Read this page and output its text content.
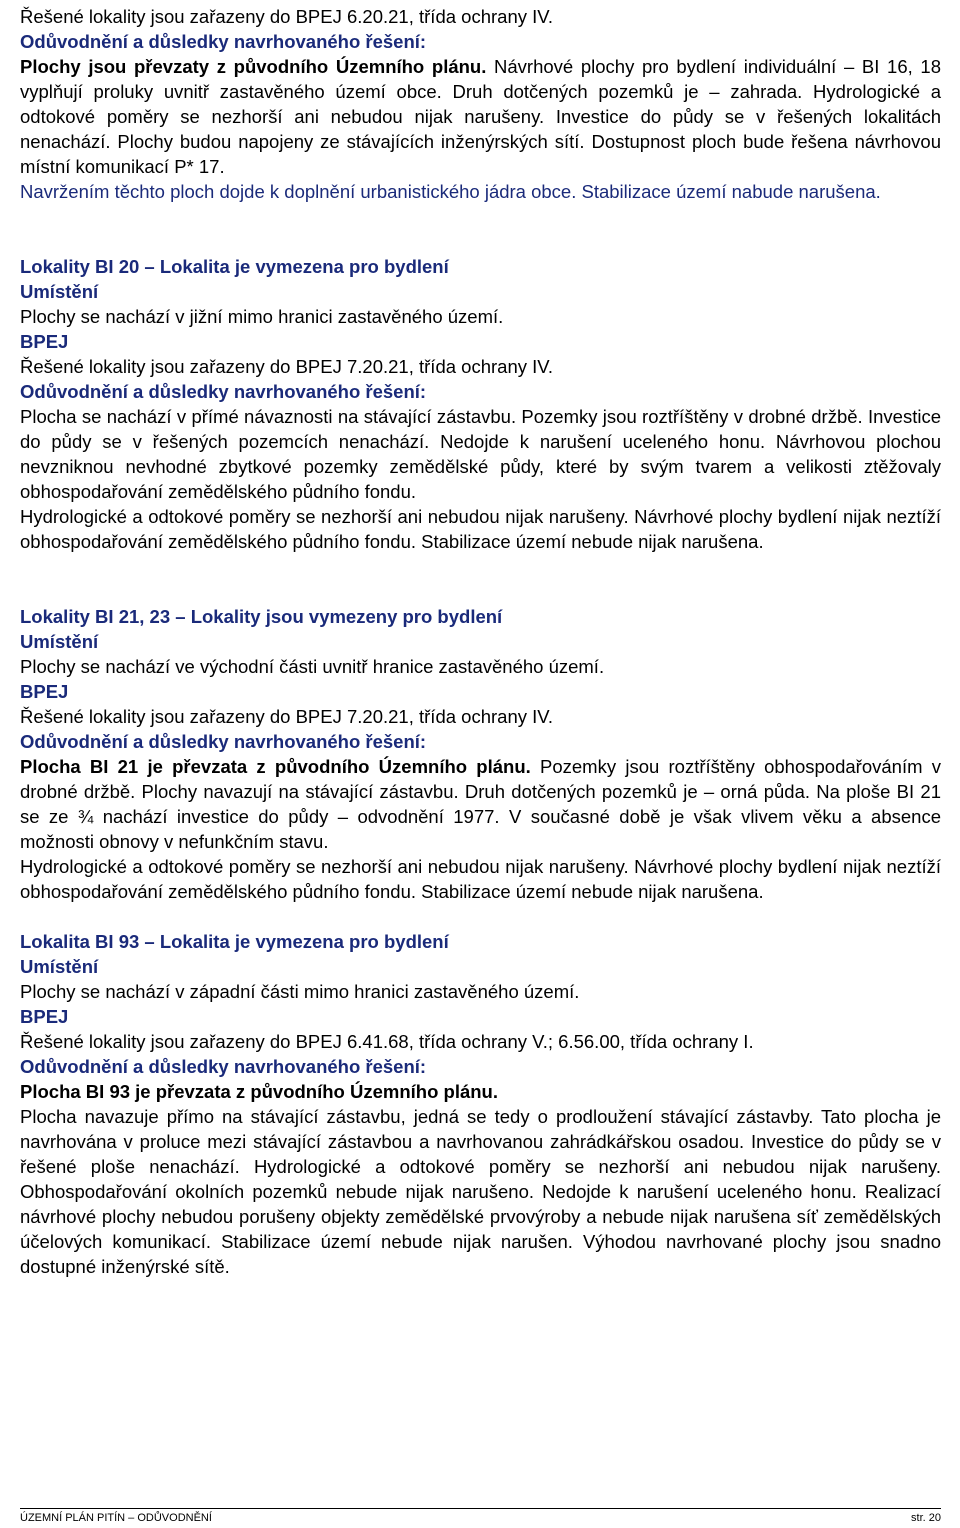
Řešené lokality jsou zařazeny do BPEJ 6.20.21, třída ochrany IV.

Odůvodnění a důsledky navrhovaného řešení:

Plochy jsou převzaty z původního Územního plánu. Návrhové plochy pro bydlení individuální – BI 16, 18 vyplňují proluky uvnitř zastavěného území obce. Druh dotčených pozemků je – zahrada. Hydrologické a odtokové poměry se nezhorší ani nebudou nijak narušeny. Investice do půdy se v řešených lokalitách nenachází. Plochy budou napojeny ze stávajících inženýrských sítí. Dostupnost ploch bude řešena návrhovou místní komunikací P* 17.

Navržením těchto ploch dojde k doplnění urbanistického jádra obce. Stabilizace území nabude narušena.

Lokality BI 20 – Lokalita je vymezena pro bydlení

Umístění

Plochy se nachází v jižní mimo hranici zastavěného území.

BPEJ

Řešené lokality jsou zařazeny do BPEJ 7.20.21, třída ochrany IV.

Odůvodnění a důsledky navrhovaného řešení:

Plocha se nachází v přímé návaznosti na stávající zástavbu. Pozemky jsou roztříštěny v drobné držbě. Investice do půdy se v řešených pozemcích nenachází. Nedojde k narušení uceleného honu. Návrhovou plochou nevzniknou nevhodné zbytkové pozemky zemědělské půdy, které by svým tvarem a velikosti ztěžovaly obhospodařování zemědělského půdního fondu.

Hydrologické a odtokové poměry se nezhorší ani nebudou nijak narušeny. Návrhové plochy bydlení nijak neztíží obhospodařování zemědělského půdního fondu. Stabilizace území nebude nijak narušena.

Lokality BI 21, 23 – Lokality jsou vymezeny pro bydlení

Umístění

Plochy se nachází ve východní části uvnitř hranice zastavěného území.

BPEJ

Řešené lokality jsou zařazeny do BPEJ 7.20.21, třída ochrany IV.

Odůvodnění a důsledky navrhovaného řešení:

Plocha BI 21 je převzata z původního Územního plánu. Pozemky jsou roztříštěny obhospodařováním v drobné držbě. Plochy navazují na stávající zástavbu. Druh dotčených pozemků je – orná půda. Na ploše BI 21 se ze ¾ nachází investice do půdy – odvodnění 1977. V současné době je však vlivem věku a absence možnosti obnovy v nefunkčním stavu.

Hydrologické a odtokové poměry se nezhorší ani nebudou nijak narušeny. Návrhové plochy bydlení nijak neztíží obhospodařování zemědělského půdního fondu. Stabilizace území nebude nijak narušena.

Lokalita BI 93 – Lokalita je vymezena pro bydlení

Umístění

Plochy se nachází v západní části mimo hranici zastavěného území.

BPEJ

Řešené lokality jsou zařazeny do BPEJ 6.41.68, třída ochrany V.; 6.56.00, třída ochrany I.

Odůvodnění a důsledky navrhovaného řešení:

Plocha BI 93 je převzata z původního Územního plánu.

Plocha navazuje přímo na stávající zástavbu, jedná se tedy o prodloužení stávající zástavby. Tato plocha je navrhována v proluce mezi stávající zástavbou a navrhovanou zahrádkářskou osadou. Investice do půdy se v řešené ploše nenachází. Hydrologické a odtokové poměry se nezhorší ani nebudou nijak narušeny. Obhospodařování okolních pozemků nebude nijak narušeno. Nedojde k narušení uceleného honu. Realizací návrhové plochy nebudou porušeny objekty zemědělské prvovýroby a nebude nijak narušena síť zemědělských účelových komunikací. Stabilizace území nebude nijak narušen. Výhodou navrhované plochy jsou snadno dostupné inženýrské sítě.

ÚZEMNÍ PLÁN PITÍN – ODŮVODNĚNÍ	str. 20
